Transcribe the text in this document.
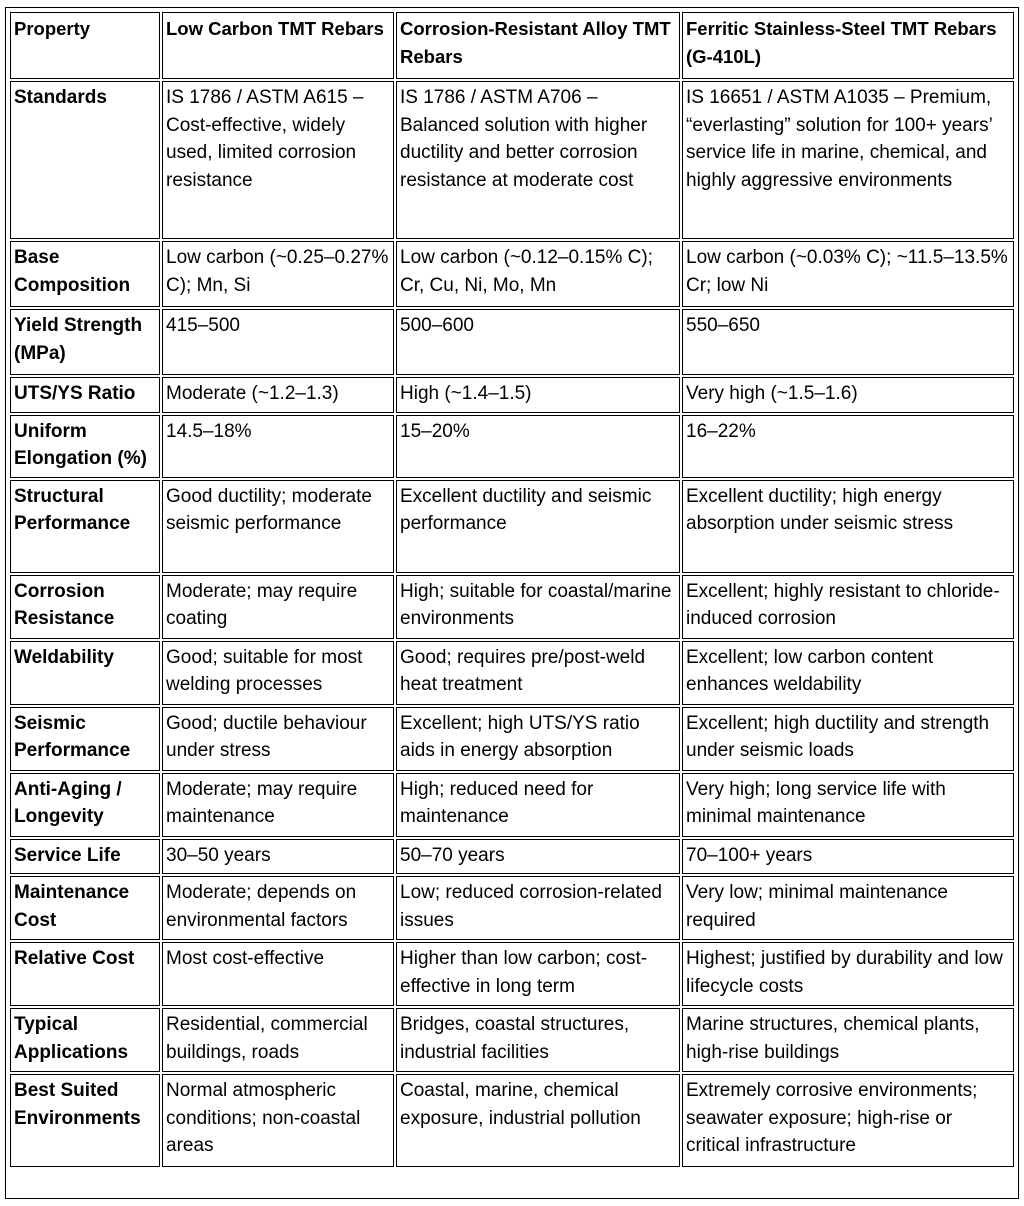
Property	Low Carbon TMT Rebars	Corrosion-Resistant Alloy TMT Rebars	Ferritic Stainless-Steel TMT Rebars (G-410L)
Standards	IS 1786 / ASTM A615 – Cost-effective, widely used, limited corrosion resistance	IS 1786 / ASTM A706 – Balanced solution with higher ductility and better corrosion resistance at moderate cost	IS 16651 / ASTM A1035 – Premium, “everlasting” solution for 100+ years’ service life in marine, chemical, and highly aggressive environments
Base Composition	Low carbon (~0.25–0.27% C); Mn, Si	Low carbon (~0.12–0.15% C); Cr, Cu, Ni, Mo, Mn	Low carbon (~0.03% C); ~11.5–13.5% Cr; low Ni
Yield Strength (MPa)	415–500	500–600	550–650
UTS/YS Ratio	Moderate (~1.2–1.3)	High (~1.4–1.5)	Very high (~1.5–1.6)
Uniform Elongation (%)	14.5–18%	15–20%	16–22%
Structural Performance	Good ductility; moderate seismic performance	Excellent ductility and seismic performance	Excellent ductility; high energy absorption under seismic stress
Corrosion Resistance	Moderate; may require coating	High; suitable for coastal/marine environments	Excellent; highly resistant to chloride-induced corrosion
Weldability	Good; suitable for most welding processes	Good; requires pre/post-weld heat treatment	Excellent; low carbon content enhances weldability
Seismic Performance	Good; ductile behaviour under stress	Excellent; high UTS/YS ratio aids in energy absorption	Excellent; high ductility and strength under seismic loads
Anti-Aging / Longevity	Moderate; may require maintenance	High; reduced need for maintenance	Very high; long service life with minimal maintenance
Service Life	30–50 years	50–70 years	70–100+ years
Maintenance Cost	Moderate; depends on environmental factors	Low; reduced corrosion-related issues	Very low; minimal maintenance required
Relative Cost	Most cost-effective	Higher than low carbon; cost-effective in long term	Highest; justified by durability and low lifecycle costs
Typical Applications	Residential, commercial buildings, roads	Bridges, coastal structures, industrial facilities	Marine structures, chemical plants, high-rise buildings
Best Suited Environments	Normal atmospheric conditions; non-coastal areas	Coastal, marine, chemical exposure, industrial pollution	Extremely corrosive environments; seawater exposure; high-rise or critical infrastructure
